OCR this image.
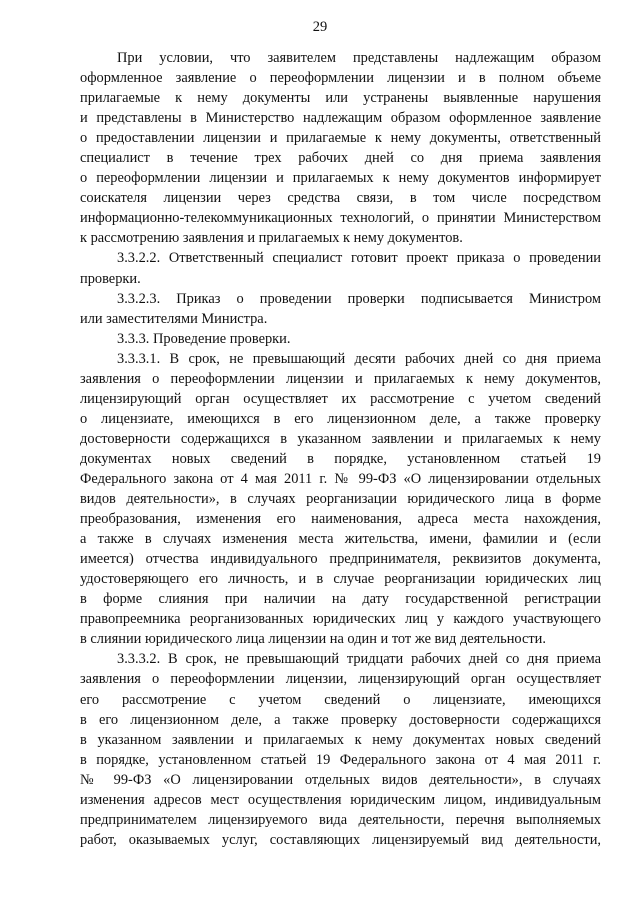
29
При условии, что заявителем представлены надлежащим образом
оформленное заявление о переоформлении лицензии и в полном объеме
прилагаемые к нему документы или устранены выявленные нарушения
и представлены в Министерство надлежащим образом оформленное заявление
о предоставлении лицензии и прилагаемые к нему документы, ответственный
специалист в течение трех рабочих дней со дня приема заявления
о переоформлении лицензии и прилагаемых к нему документов информирует
соискателя лицензии через средства связи, в том числе посредством
информационно-телекоммуникационных технологий, о принятии Министерством
к рассмотрению заявления и прилагаемых к нему документов.
3.3.2.2. Ответственный специалист готовит проект приказа о проведении
проверки.
3.3.2.3. Приказ о проведении проверки подписывается Министром
или заместителями Министра.
3.3.3. Проведение проверки.
3.3.3.1. В срок, не превышающий десяти рабочих дней со дня приема
заявления о переоформлении лицензии и прилагаемых к нему документов,
лицензирующий орган осуществляет их рассмотрение с учетом сведений
о лицензиате, имеющихся в его лицензионном деле, а также проверку
достоверности содержащихся в указанном заявлении и прилагаемых к нему
документах новых сведений в порядке, установленном статьей 19
Федерального закона от 4 мая 2011 г. № 99-ФЗ «О лицензировании отдельных
видов деятельности», в случаях реорганизации юридического лица в форме
преобразования, изменения его наименования, адреса места нахождения,
а также в случаях изменения места жительства, имени, фамилии и (если
имеется) отчества индивидуального предпринимателя, реквизитов документа,
удостоверяющего его личность, и в случае реорганизации юридических лиц
в форме слияния при наличии на дату государственной регистрации
правопреемника реорганизованных юридических лиц у каждого участвующего
в слиянии юридического лица лицензии на один и тот же вид деятельности.
3.3.3.2. В срок, не превышающий тридцати рабочих дней со дня приема
заявления о переоформлении лицензии, лицензирующий орган осуществляет
его рассмотрение с учетом сведений о лицензиате, имеющихся
в его лицензионном деле, а также проверку достоверности содержащихся
в указанном заявлении и прилагаемых к нему документах новых сведений
в порядке, установленном статьей 19 Федерального закона от 4 мая 2011 г.
№ 99-ФЗ «О лицензировании отдельных видов деятельности», в случаях
изменения адресов мест осуществления юридическим лицом, индивидуальным
предпринимателем лицензируемого вида деятельности, перечня выполняемых
работ, оказываемых услуг, составляющих лицензируемый вид деятельности,
